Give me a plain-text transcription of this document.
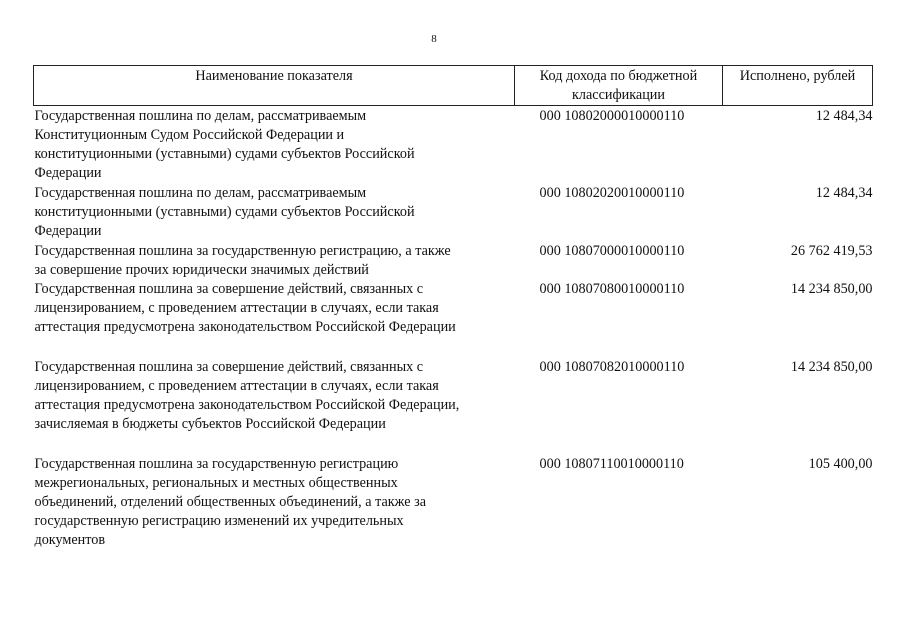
8
Наименование показателя	Код дохода по бюджетной классификации	Исполнено, рублей

Государственная пошлина по делам, рассматриваемым
Конституционным Судом Российской Федерации и
конституционными (уставными) судами субъектов Российской
Федерации	000 10802000010000110	12 484,34

Государственная пошлина по делам, рассматриваемым
конституционными (уставными) судами субъектов Российской
Федерации	000 10802020010000110	12 484,34

Государственная пошлина за государственную регистрацию, а также
за совершение прочих юридически значимых действий	000 10807000010000110	26 762 419,53

Государственная пошлина за совершение действий, связанных с
лицензированием, с проведением аттестации в случаях, если такая
аттестация предусмотрена законодательством Российской Федерации	000 10807080010000110	14 234 850,00

Государственная пошлина за совершение действий, связанных с
лицензированием, с проведением аттестации в случаях, если такая
аттестация предусмотрена законодательством Российской Федерации,
зачисляемая в бюджеты субъектов Российской Федерации	000 10807082010000110	14 234 850,00

Государственная пошлина за государственную регистрацию
межрегиональных, региональных и местных общественных
объединений, отделений общественных объединений, а также за
государственную регистрацию изменений их учредительных
документов	000 10807110010000110	105 400,00
